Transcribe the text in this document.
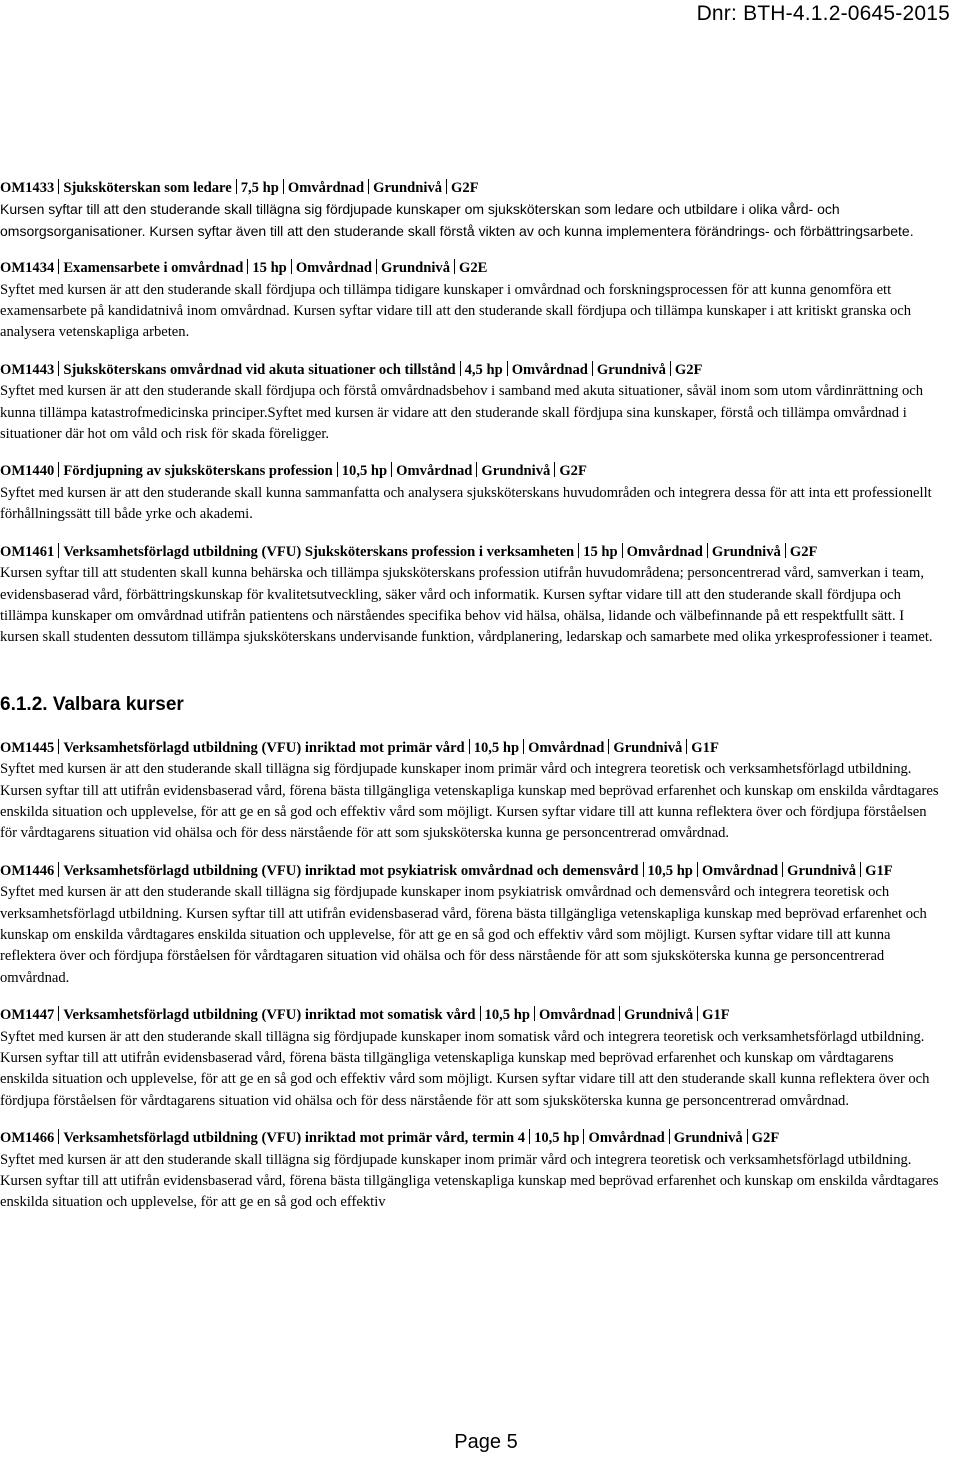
Dnr: BTH-4.1.2-0645-2015
OM1433 Sjuksköterskan som ledare 7,5 hp Omvårdnad Grundnivå G2F
Kursen syftar till att den studerande skall tillägna sig fördjupade kunskaper om sjuksköterskan som ledare och utbildare i olika vård- och omsorgsorganisationer. Kursen syftar även till att den studerande skall förstå vikten av och kunna implementera förändrings- och förbättringsarbete.
OM1434 Examensarbete i omvårdnad 15 hp Omvårdnad Grundnivå G2E
Syftet med kursen är att den studerande skall fördjupa och tillämpa tidigare kunskaper i omvårdnad och forskningsprocessen för att kunna genomföra ett examensarbete på kandidatnivå inom omvårdnad. Kursen syftar vidare till att den studerande skall fördjupa och tillämpa kunskaper i att kritiskt granska och analysera vetenskapliga arbeten.
OM1443 Sjuksköterskans omvårdnad vid akuta situationer och tillstånd 4,5 hp Omvårdnad Grundnivå G2F
Syftet med kursen är att den studerande skall fördjupa och förstå omvårdnadsbehov i samband med akuta situationer, såväl inom som utom vårdinrättning och kunna tillämpa katastrofmedicinska principer.Syftet med kursen är vidare att den studerande skall fördjupa sina kunskaper, förstå och tillämpa omvårdnad i situationer där hot om våld och risk för skada föreligger.
OM1440 Fördjupning av sjuksköterskans profession 10,5 hp Omvårdnad Grundnivå G2F
Syftet med kursen är att den studerande skall kunna sammanfatta och analysera sjuksköterskans huvudområden och integrera dessa för att inta ett professionellt förhållningssätt till både yrke och akademi.
OM1461 Verksamhetsförlagd utbildning (VFU) Sjuksköterskans profession i verksamheten 15 hp Omvårdnad Grundnivå G2F
Kursen syftar till att studenten skall kunna behärska och tillämpa sjuksköterskans profession utifrån huvudområdena; personcentrerad vård, samverkan i team, evidensbaserad vård, förbättringskunskap för kvalitetsutveckling, säker vård och informatik. Kursen syftar vidare till att den studerande skall fördjupa och tillämpa kunskaper om omvårdnad utifrån patientens och närståendes specifika behov vid hälsa, ohälsa, lidande och välbefinnande på ett respektfullt sätt. I kursen skall studenten dessutom tillämpa sjuksköterskans undervisande funktion, vårdplanering, ledarskap och samarbete med olika yrkesprofessioner i teamet.
6.1.2. Valbara kurser
OM1445 Verksamhetsförlagd utbildning (VFU) inriktad mot primär vård 10,5 hp Omvårdnad Grundnivå G1F
Syftet med kursen är att den studerande skall tillägna sig fördjupade kunskaper inom primär vård och integrera teoretisk och verksamhetsförlagd utbildning. Kursen syftar till att utifrån evidensbaserad vård, förena bästa tillgängliga vetenskapliga kunskap med beprövad erfarenhet och kunskap om enskilda vårdtagares enskilda situation och upplevelse, för att ge en så god och effektiv vård som möjligt. Kursen syftar vidare till att kunna reflektera över och fördjupa förståelsen för vårdtagarens situation vid ohälsa och för dess närstående för att som sjuksköterska kunna ge personcentrerad omvårdnad.
OM1446 Verksamhetsförlagd utbildning (VFU) inriktad mot psykiatrisk omvårdnad och demensvård 10,5 hp Omvårdnad Grundnivå G1F
Syftet med kursen är att den studerande skall tillägna sig fördjupade kunskaper inom psykiatrisk omvårdnad och demensvård och integrera teoretisk och verksamhetsförlagd utbildning. Kursen syftar till att utifrån evidensbaserad vård, förena bästa tillgängliga vetenskapliga kunskap med beprövad erfarenhet och kunskap om enskilda vårdtagares enskilda situation och upplevelse, för att ge en så god och effektiv vård som möjligt. Kursen syftar vidare till att kunna reflektera över och fördjupa förståelsen för vårdtagaren situation vid ohälsa och för dess närstående för att som sjuksköterska kunna ge personcentrerad omvårdnad.
OM1447 Verksamhetsförlagd utbildning (VFU) inriktad mot somatisk vård 10,5 hp Omvårdnad Grundnivå G1F
Syftet med kursen är att den studerande skall tillägna sig fördjupade kunskaper inom somatisk vård och integrera teoretisk och verksamhetsförlagd utbildning. Kursen syftar till att utifrån evidensbaserad vård, förena bästa tillgängliga vetenskapliga kunskap med beprövad erfarenhet och kunskap om vårdtagarens enskilda situation och upplevelse, för att ge en så god och effektiv vård som möjligt. Kursen syftar vidare till att den studerande skall kunna reflektera över och fördjupa förståelsen för vårdtagarens situation vid ohälsa och för dess närstående för att som sjuksköterska kunna ge personcentrerad omvårdnad.
OM1466 Verksamhetsförlagd utbildning (VFU) inriktad mot primär vård, termin 4 10,5 hp Omvårdnad Grundnivå G2F
Syftet med kursen är att den studerande skall tillägna sig fördjupade kunskaper inom primär vård och integrera teoretisk och verksamhetsförlagd utbildning. Kursen syftar till att utifrån evidensbaserad vård, förena bästa tillgängliga vetenskapliga kunskap med beprövad erfarenhet och kunskap om enskilda vårdtagares enskilda situation och upplevelse, för att ge en så god och effektiv
Page 5
